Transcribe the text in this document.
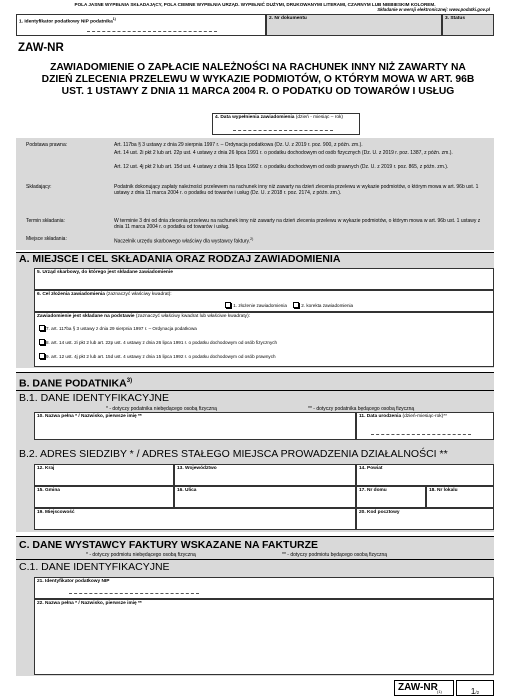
POLA JASNE WYPEŁNIA SKŁADAJĄCY, POLA CIEMNE WYPEŁNIA URZĄD. WYPEŁNIĆ DUŻYMI, DRUKOWANYMI LITERAMI, CZARNYM LUB NIEBIESKIM KOLOREM.
Składanie w wersji elektronicznej: www.podatki.gov.pl
1. Identyfikator podatkowy NIP podatnika$^{1)}$	2. Nr dokumentu	3. Status
ZAW-NR
ZAWIADOMIENIE O ZAPŁACIE NALEŻNOŚCI NA RACHUNEK INNY NIŻ ZAWARTY NA DZIEŃ ZLECENIA PRZELEWU W WYKAZIE PODMIOTÓW, O KTÓRYM MOWA W ART. 96B UST. 1 USTAWY Z DNIA 11 MARCA 2004 R. O PODATKU OD TOWARÓW I USŁUG
4. Data wypełnienia zawiadomienia (dzień - miesiąc – rok)
Podstawa prawna:	Art. 117ba § 3 ustawy z dnia 29 sierpnia 1997 r. – Ordynacja podatkowa (Dz. U. z 2019 r. poz. 900, z późn. zm.).
Art. 14 ust. 2i pkt 2 lub art. 22p ust. 4 ustawy z dnia 26 lipca 1991 r. o podatku dochodowym od osób fizycznych (Dz. U. z 2019 r. poz. 1387, z późn. zm.).
Art. 12 ust. 4j pkt 2 lub art. 15d ust. 4 ustawy z dnia 15 lipca 1992 r. o podatku dochodowym od osób prawnych (Dz. U. z 2019 r. poz. 865, z późn. zm.).
Składający:	Podatnik dokonujący zapłaty należności przelewem na rachunek inny niż zawarty na dzień zlecenia przelewu w wykazie podmiotów, o którym mowa w art. 96b ust. 1 ustawy z dnia 11 marca 2004 r. o podatku od towarów i usług (Dz. U. z 2018 r. poz. 2174, z późn. zm.).
Termin składania:	W terminie 3 dni od dnia zlecenia przelewu na rachunek inny niż zawarty na dzień zlecenia przelewu w wykazie podmiotów, o którym mowa w art. 96b ust. 1 ustawy z dnia 11 marca 2004 r. o podatku od towarów i usług.
Miejsce składania:	Naczelnik urzędu skarbowego właściwy dla wystawcy faktury.$^{2)}$
A. MIEJSCE I CEL SKŁADANIA ORAZ RODZAJ ZAWIADOMIENIA
5. Urząd skarbowy, do którego jest składane zawiadomienie
6. Cel złożenia zawiadomienia (zaznaczyć właściwy kwadrat):
1. złożenie zawiadomienia	2. korekta zawiadomienia
Zawiadomienie jest składane na podstawie (zaznaczyć właściwy kwadrat lub właściwe kwadraty):
7. art. 117ba § 3 ustawy z dnia 29 sierpnia 1997 r. – Ordynacja podatkowa
8. art. 14 ust. 2i pkt 2 lub art. 22p ust. 4 ustawy z dnia 26 lipca 1991 r. o podatku dochodowym od osób fizycznych
9. art. 12 ust. 4j pkt 2 lub art. 15d ust. 4 ustawy z dnia 15 lipca 1992 r. o podatku dochodowym od osób prawnych
B. DANE PODATNIKA$^{3)}$
B.1. DANE IDENTYFIKACYJNE
* - dotyczy podatnika niebędącego osobą fizyczną	** - dotyczy podatnika będącego osobą fizyczną
10. Nazwa pełna * / Nazwisko, pierwsze imię **	11. Data urodzenia (dzień-miesiąc-rok)**
B.2. ADRES SIEDZIBY * / ADRES STAŁEGO MIEJSCA PROWADZENIA DZIAŁALNOŚCI **
12. Kraj	13. Województwo	14. Powiat
15. Gmina	16. Ulica	17. Nr domu	18. Nr lokalu
19. Miejscowość	20. Kod pocztowy
C. DANE WYSTAWCY FAKTURY WSKAZANE NA FAKTURZE
* - dotyczy podmiotu niebędącego osobą fizyczną	** - dotyczy podmiotu będącego osobą fizyczną
C.1. DANE IDENTYFIKACYJNE
21. Identyfikator podatkowy NIP
22. Nazwa pełna * / Nazwisko, pierwsze imię **
ZAW-NR (1)	1/2
